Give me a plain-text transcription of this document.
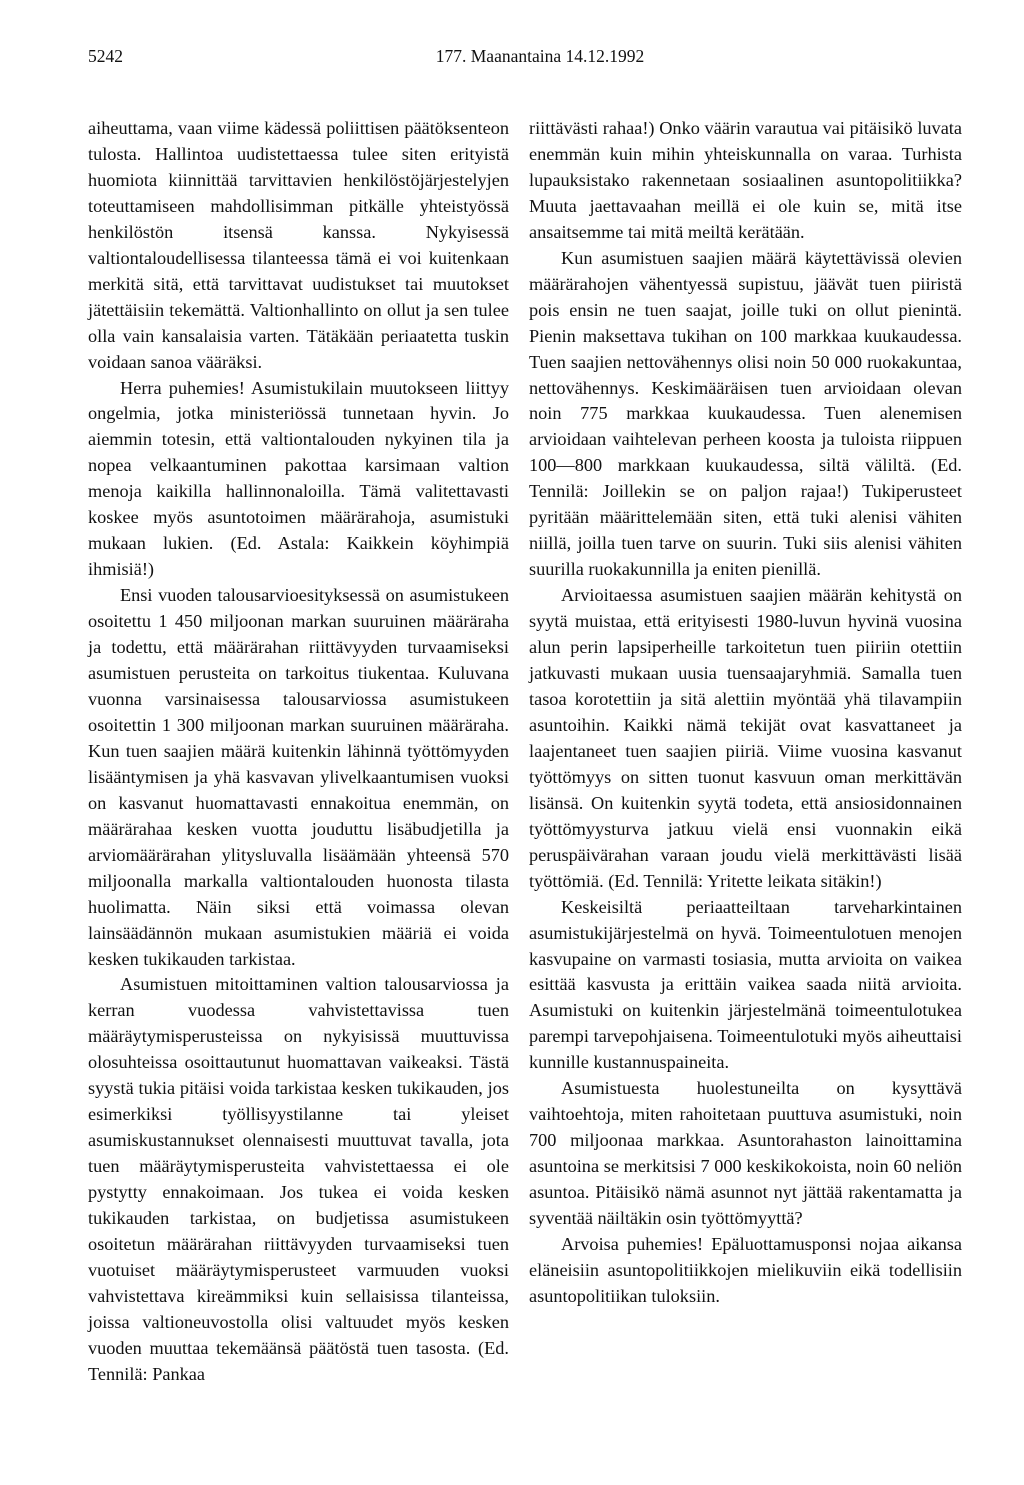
5242	177. Maanantaina 14.12.1992

aiheuttama, vaan viime kädessä poliittisen päätöksenteon tulosta. Hallintoa uudistettaessa tulee siten erityistä huomiota kiinnittää tarvittavien henkilöstöjärjestelyjen toteuttamiseen mahdollisimman pitkälle yhteistyössä henkilöstön itsensä kanssa. Nykyisessä valtiontaloudellisessa tilanteessa tämä ei voi kuitenkaan merkitä sitä, että tarvittavat uudistukset tai muutokset jätettäisiin tekemättä. Valtionhallinto on ollut ja sen tulee olla vain kansalaisia varten. Tätäkään periaatetta tuskin voidaan sanoa vääräksi.

Herra puhemies! Asumistukilain muutokseen liittyy ongelmia, jotka ministeriössä tunnetaan hyvin. Jo aiemmin totesin, että valtiontalouden nykyinen tila ja nopea velkaantuminen pakottaa karsimaan valtion menoja kaikilla hallinnonaloilla. Tämä valitettavasti koskee myös asuntotoimen määrärahoja, asumistuki mukaan lukien. (Ed. Astala: Kaikkein köyhimpiä ihmisiä!)

Ensi vuoden talousarvioesityksessä on asumistukeen osoitettu 1 450 miljoonan markan suuruinen määräraha ja todettu, että määrärahan riittävyyden turvaamiseksi asumistuen perusteita on tarkoitus tiukentaa. Kuluvana vuonna varsinaisessa talousarviossa asumistukeen osoitettin 1 300 miljoonan markan suuruinen määräraha. Kun tuen saajien määrä kuitenkin lähinnä työttömyyden lisääntymisen ja yhä kasvavan ylivelkaantumisen vuoksi on kasvanut huomattavasti ennakoitua enemmän, on määrärahaa kesken vuotta jouduttu lisäbudjetilla ja arviomäärärahan ylitysluvalla lisäämään yhteensä 570 miljoonalla markalla valtiontalouden huonosta tilasta huolimatta. Näin siksi että voimassa olevan lainsäädännön mukaan asumistukien määriä ei voida kesken tukikauden tarkistaa.

Asumistuen mitoittaminen valtion talousarviossa ja kerran vuodessa vahvistettavissa tuen määräytymisperusteissa on nykyisissä muuttuvissa olosuhteissa osoittautunut huomattavan vaikeaksi. Tästä syystä tukia pitäisi voida tarkistaa kesken tukikauden, jos esimerkiksi työllisyystilanne tai yleiset asumiskustannukset olennaisesti muuttuvat tavalla, jota tuen määräytymisperusteita vahvistettaessa ei ole pystytty ennakoimaan. Jos tukea ei voida kesken tukikauden tarkistaa, on budjetissa asumistukeen osoitetun määrärahan riittävyyden turvaamiseksi tuen vuotuiset määräytymisperusteet varmuuden vuoksi vahvistettava kireämmiksi kuin sellaisissa tilanteissa, joissa valtioneuvostolla olisi valtuudet myös kesken vuoden muuttaa tekemäänsä päätöstä tuen tasosta. (Ed. Tennilä: Pankaa

riittävästi rahaa!) Onko väärin varautua vai pitäisikö luvata enemmän kuin mihin yhteiskunnalla on varaa. Turhista lupauksistako rakennetaan sosiaalinen asuntopolitiikka? Muuta jaettavaahan meillä ei ole kuin se, mitä itse ansaitsemme tai mitä meiltä kerätään.

Kun asumistuen saajien määrä käytettävissä olevien määrärahojen vähentyessä supistuu, jäävät tuen piiristä pois ensin ne tuen saajat, joille tuki on ollut pienintä. Pienin maksettava tukihan on 100 markkaa kuukaudessa. Tuen saajien nettovähennys olisi noin 50 000 ruokakuntaa, nettovähennys. Keskimääräisen tuen arvioidaan olevan noin 775 markkaa kuukaudessa. Tuen alenemisen arvioidaan vaihtelevan perheen koosta ja tuloista riippuen 100—800 markkaan kuukaudessa, siltä väliltä. (Ed. Tennilä: Joillekin se on paljon rajaa!) Tukiperusteet pyritään määrittelemään siten, että tuki alenisi vähiten niillä, joilla tuen tarve on suurin. Tuki siis alenisi vähiten suurilla ruokakunnilla ja eniten pienillä.

Arvioitaessa asumistuen saajien määrän kehitystä on syytä muistaa, että erityisesti 1980-luvun hyvinä vuosina alun perin lapsiperheille tarkoitetun tuen piiriin otettiin jatkuvasti mukaan uusia tuensaajaryhmiä. Samalla tuen tasoa korotettiin ja sitä alettiin myöntää yhä tilavampiin asuntoihin. Kaikki nämä tekijät ovat kasvattaneet ja laajentaneet tuen saajien piiriä. Viime vuosina kasvanut työttömyys on sitten tuonut kasvuun oman merkittävän lisänsä. On kuitenkin syytä todeta, että ansiosidonnainen työttömyysturva jatkuu vielä ensi vuonnakin eikä peruspäivärahan varaan joudu vielä merkittävästi lisää työttömiä. (Ed. Tennilä: Yritette leikata sitäkin!)

Keskeisiltä periaatteiltaan tarveharkintainen asumistukijärjestelmä on hyvä. Toimeentulotuen menojen kasvupaine on varmasti tosiasia, mutta arvioita on vaikea esittää kasvusta ja erittäin vaikea saada niitä arvioita. Asumistuki on kuitenkin järjestelmänä toimeentulotukea parempi tarvepohjaisena. Toimeentulotuki myös aiheuttaisi kunnille kustannuspaineita.

Asumistuesta huolestuneilta on kysyttävä vaihtoehtoja, miten rahoitetaan puuttuva asumistuki, noin 700 miljoonaa markkaa. Asuntorahaston lainoittamina asuntoina se merkitsisi 7 000 keskikokoista, noin 60 neliön asuntoa. Pitäisikö nämä asunnot nyt jättää rakentamatta ja syventää näiltäkin osin työttömyyttä?

Arvoisa puhemies! Epäluottamusponsi nojaa aikansa eläneisiin asuntopolitiikkojen mielikuviin eikä todellisiin asuntopolitiikan tuloksiin.
